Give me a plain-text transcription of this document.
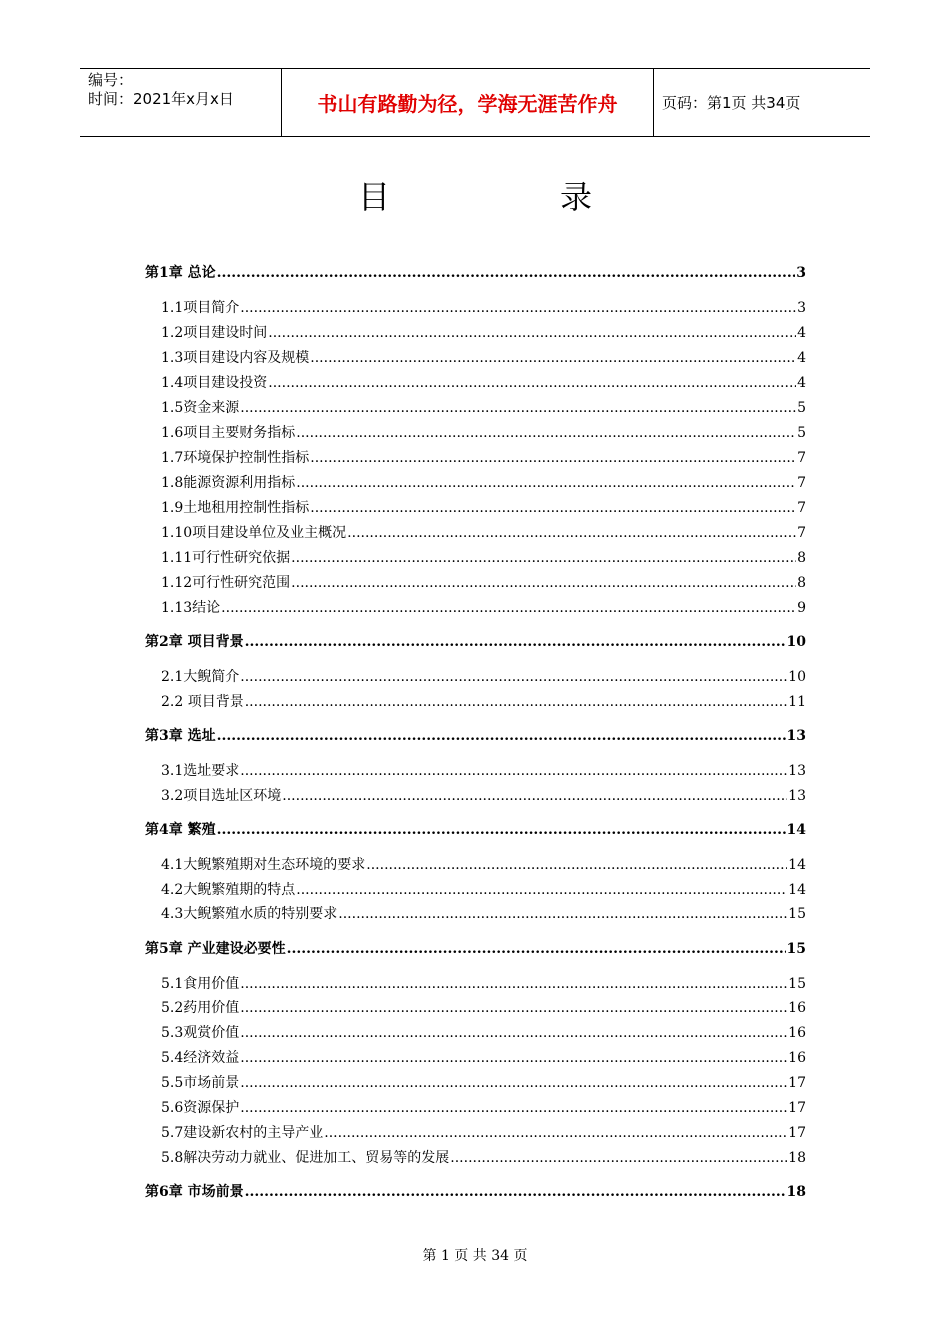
编号：
时间：2021年x月x日	书山有路勤为径，学海无涯苦作舟	页码：第1页 共34页
目录
第1章 总论 .....	3
1.1项目简介 .....	3
1.2项目建设时间 .....	4
1.3项目建设内容及规模 .....	4
1.4项目建设投资 .....	4
1.5资金来源 .....	5
1.6项目主要财务指标 .....	5
1.7环境保护控制性指标 .....	7
1.8能源资源利用指标 .....	7
1.9土地租用控制性指标 .....	7
1.10项目建设单位及业主概况 .....	7
1.11可行性研究依据 .....	8
1.12可行性研究范围 .....	8
1.13结论 .....	9
第2章 项目背景 .....	10
2.1大鲵简介 .....	10
2.2 项目背景 .....	11
第3章 选址 .....	13
3.1选址要求 .....	13
3.2项目选址区环境 .....	13
第4章 繁殖 .....	14
4.1大鲵繁殖期对生态环境的要求 .....	14
4.2大鲵繁殖期的特点 .....	14
4.3大鲵繁殖水质的特别要求 .....	15
第5章 产业建设必要性 .....	15
5.1食用价值 .....	15
5.2药用价值 .....	16
5.3观赏价值 .....	16
5.4经济效益 .....	16
5.5市场前景 .....	17
5.6资源保护 .....	17
5.7建设新农村的主导产业 .....	17
5.8解决劳动力就业、促进加工、贸易等的发展 .....	18
第6章 市场前景 .....	18
第 1 页 共 34 页
